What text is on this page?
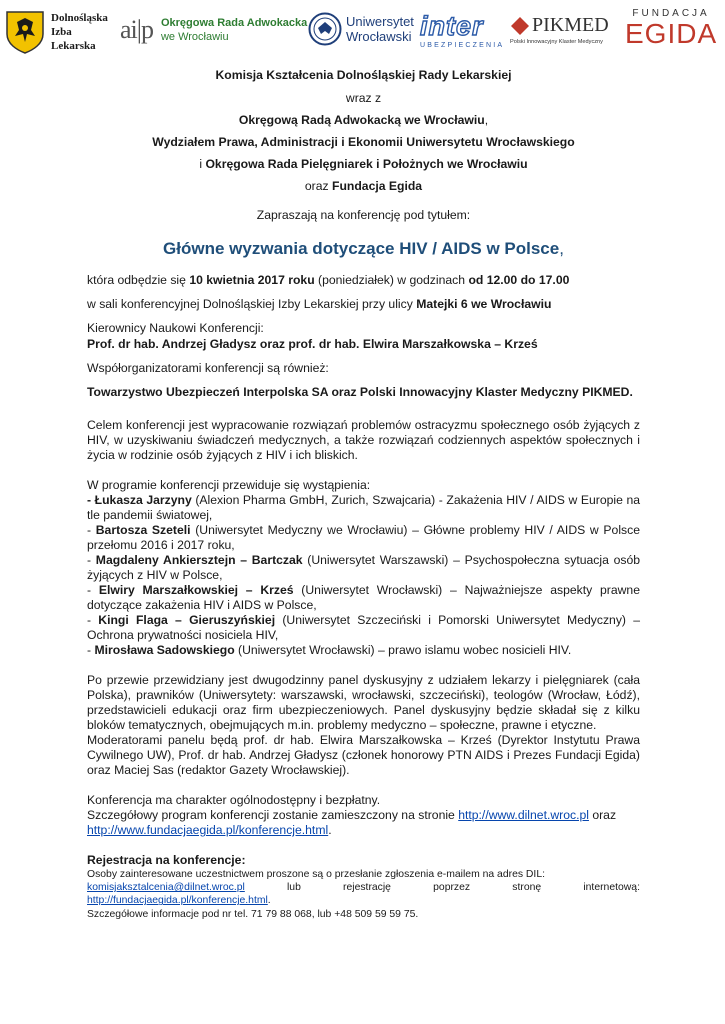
Dolnośląska
Izba
Lekarska
ai|p Okręgowa Rada Adwokacka
we Wrocławiu
Uniwersytet
Wrocławski inter
UBEZPIECZENIA
PIKMED
Polski Innowacyjny Klaster Medyczny
FUNDACJA
EGIDA

Komisja Kształcenia Dolnośląskiej Rady Lekarskiej

wraz z

Okręgową Radą Adwokacką we Wrocławiu,

Wydziałem Prawa, Administracji i Ekonomii Uniwersytetu Wrocławskiego

i Okręgowa Rada Pielęgniarek i Położnych we Wrocławiu

oraz Fundacja Egida

Zapraszają na konferencję pod tytułem:

Główne wyzwania dotyczące HIV / AIDS w Polsce,

która odbędzie się 10 kwietnia 2017 roku (poniedziałek) w godzinach od 12.00 do 17.00

w sali konferencyjnej Dolnośląskiej Izby Lekarskiej przy ulicy Matejki 6 we Wrocławiu

Kierownicy Naukowi Konferencji:

Prof. dr hab. Andrzej Gładysz oraz prof. dr hab. Elwira Marszałkowska – Krześ

Współorganizatorami konferencji są również:

Towarzystwo Ubezpieczeń Interpolska SA oraz Polski Innowacyjny Klaster Medyczny PIKMED.

Celem konferencji jest wypracowanie rozwiązań problemów ostracyzmu społecznego osób żyjących z HIV, w uzyskiwaniu świadczeń medycznych, a także rozwiązań codziennych aspektów społecznych i życia w rodzinie osób żyjących z HIV i ich bliskich.

W programie konferencji przewiduje się wystąpienia:

- Łukasza Jarzyny (Alexion Pharma GmbH, Zurich, Szwajcaria) - Zakażenia HIV / AIDS w Europie na tle pandemii światowej,

- Bartosza Szeteli (Uniwersytet Medyczny we Wrocławiu) – Główne problemy HIV / AIDS w Polsce przełomu 2016 i 2017 roku,

- Magdaleny Ankiersztejn – Bartczak (Uniwersytet Warszawski) – Psychospołeczna sytuacja osób żyjących z HIV w Polsce,

- Elwiry Marszałkowskiej – Krześ (Uniwersytet Wrocławski) – Najważniejsze aspekty prawne dotyczące zakażenia HIV i AIDS w Polsce,

- Kingi Flaga – Gieruszyńskiej (Uniwersytet Szczeciński i Pomorski Uniwersytet Medyczny) – Ochrona prywatności nosiciela HIV,

- Mirosława Sadowskiego (Uniwersytet Wrocławski) – prawo islamu wobec nosicieli HIV.

Po przewie przewidziany jest dwugodzinny panel dyskusyjny z udziałem lekarzy i pielęgniarek (cała Polska), prawników (Uniwersytety: warszawski, wrocławski, szczeciński), teologów (Wrocław, Łódź), przedstawicieli edukacji oraz firm ubezpieczeniowych. Panel dyskusyjny będzie składał się z kilku bloków tematycznych, obejmujących m.in. problemy medyczno – społeczne, prawne i etyczne.

Moderatorami panelu będą prof. dr hab. Elwira Marszałkowska – Krześ (Dyrektor Instytutu Prawa Cywilnego UW), Prof. dr hab. Andrzej Gładysz (członek honorowy PTN AIDS i Prezes Fundacji Egida) oraz Maciej Sas (redaktor Gazety Wrocławskiej).

Konferencja ma charakter ogólnodostępny i bezpłatny.

Szczegółowy program konferencji zostanie zamieszczony na stronie http://www.dilnet.wroc.pl oraz

http://www.fundacjaegida.pl/konferencje.html.

Rejestracja na konferencje:

Osoby zainteresowane uczestnictwem proszone są o przesłanie zgłoszenia e-mailem na adres DIL:

komisjaksztalcenia@dilnet.wroc.pl	lub	rejestrację	poprzez	stronę	internetową:

http://fundacjaegida.pl/konferencje.html.

Szczegółowe informacje pod nr tel. 71 79 88 068, lub +48 509 59 59 75.
